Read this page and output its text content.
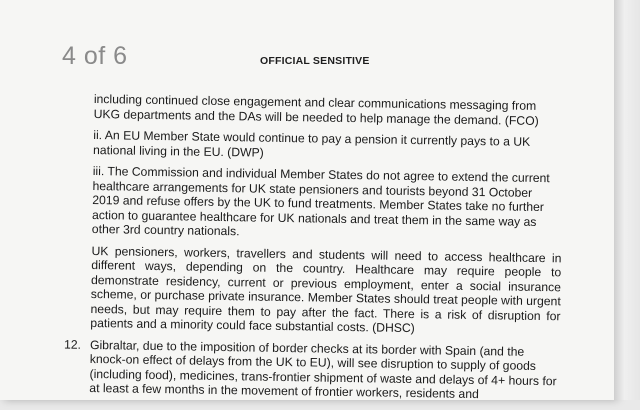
4 of 6	OFFICIAL SENSITIVE

including continued close engagement and clear communications messaging from UKG departments and the DAs will be needed to help manage the demand. (FCO)

ii. An EU Member State would continue to pay a pension it currently pays to a UK national living in the EU. (DWP)

iii. The Commission and individual Member States do not agree to extend the current healthcare arrangements for UK state pensioners and tourists beyond 31 October 2019 and refuse offers by the UK to fund treatments. Member States take no further action to guarantee healthcare for UK nationals and treat them in the same way as other 3rd country nationals.

UK pensioners, workers, travellers and students will need to access healthcare in different ways, depending on the country. Healthcare may require people to demonstrate residency, current or previous employment, enter a social insurance scheme, or purchase private insurance. Member States should treat people with urgent needs, but may require them to pay after the fact. There is a risk of disruption for patients and a minority could face substantial costs. (DHSC)

12. Gibraltar, due to the imposition of border checks at its border with Spain (and the knock-on effect of delays from the UK to EU), will see disruption to supply of goods (including food), medicines, trans-frontier shipment of waste and delays of 4+ hours for at least a few months in the movement of frontier workers, residents and
